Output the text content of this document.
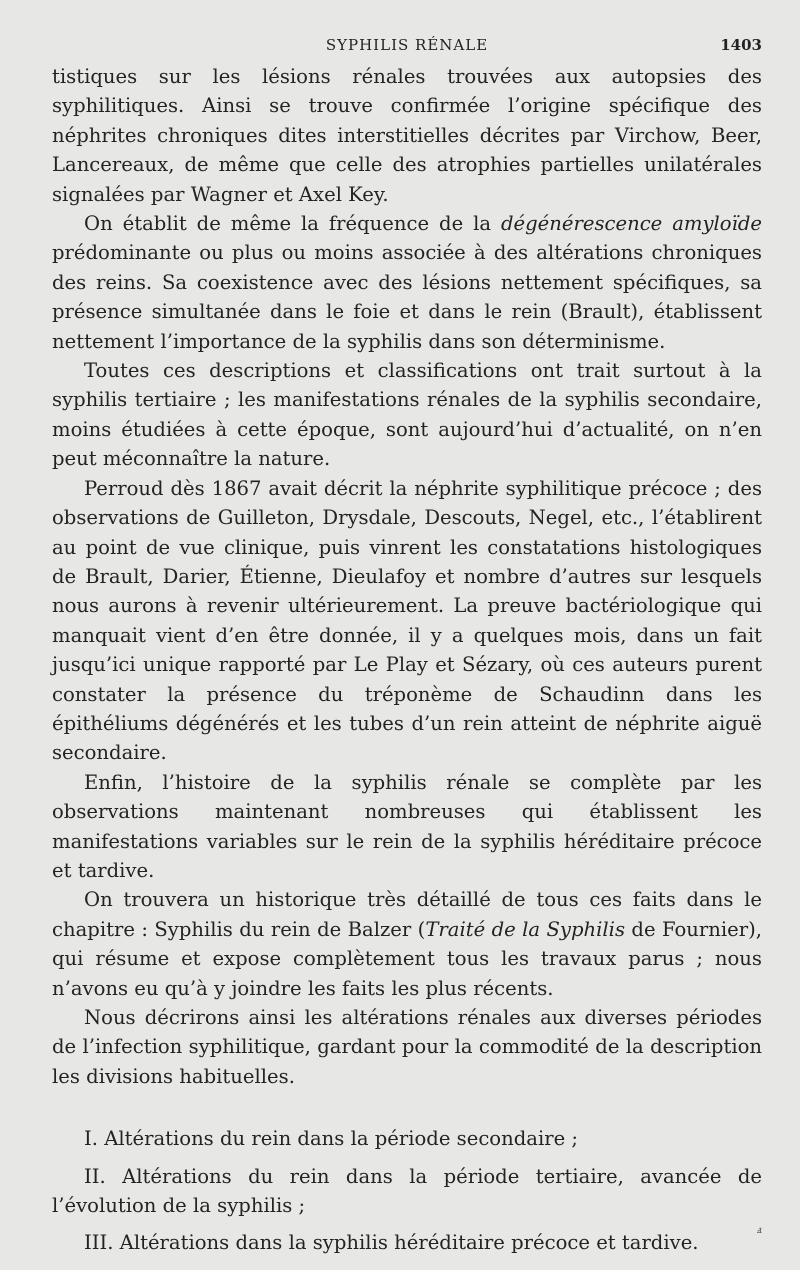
SYPHILIS RÉNALE	1403

tistiques sur les lésions rénales trouvées aux autopsies des syphilitiques. Ainsi se trouve confirmée l’origine spécifique des néphrites chroniques dites interstitielles décrites par Virchow, Beer, Lancereaux, de même que celle des atrophies partielles unilatérales signalées par Wagner et Axel Key.

On établit de même la fréquence de la dégénérescence amyloïde prédominante ou plus ou moins associée à des altérations chroniques des reins. Sa coexistence avec des lésions nettement spécifiques, sa présence simultanée dans le foie et dans le rein (Brault), établissent nettement l’importance de la syphilis dans son déterminisme.

Toutes ces descriptions et classifications ont trait surtout à la syphilis tertiaire ; les manifestations rénales de la syphilis secondaire, moins étudiées à cette époque, sont aujourd’hui d’actualité, on n’en peut méconnaître la nature.

Perroud dès 1867 avait décrit la néphrite syphilitique précoce ; des observations de Guilleton, Drysdale, Descouts, Negel, etc., l’établirent au point de vue clinique, puis vinrent les constatations histologiques de Brault, Darier, Étienne, Dieulafoy et nombre d’autres sur lesquels nous aurons à revenir ultérieurement. La preuve bactériologique qui manquait vient d’en être donnée, il y a quelques mois, dans un fait jusqu’ici unique rapporté par Le Play et Sézary, où ces auteurs purent constater la présence du tréponème de Schaudinn dans les épithéliums dégénérés et les tubes d’un rein atteint de néphrite aiguë secondaire.

Enfin, l’histoire de la syphilis rénale se complète par les observations maintenant nombreuses qui établissent les manifestations variables sur le rein de la syphilis héréditaire précoce et tardive.

On trouvera un historique très détaillé de tous ces faits dans le chapitre : Syphilis du rein de Balzer (Traité de la Syphilis de Fournier), qui résume et expose complètement tous les travaux parus ; nous n’avons eu qu’à y joindre les faits les plus récents.

Nous décrirons ainsi les altérations rénales aux diverses périodes de l’infection syphilitique, gardant pour la commodité de la description les divisions habituelles.

I. Altérations du rein dans la période secondaire ;

II. Altérations du rein dans la période tertiaire, avancée de l’évolution de la syphilis ;

III. Altérations dans la syphilis héréditaire précoce et tardive.

ⅎ
